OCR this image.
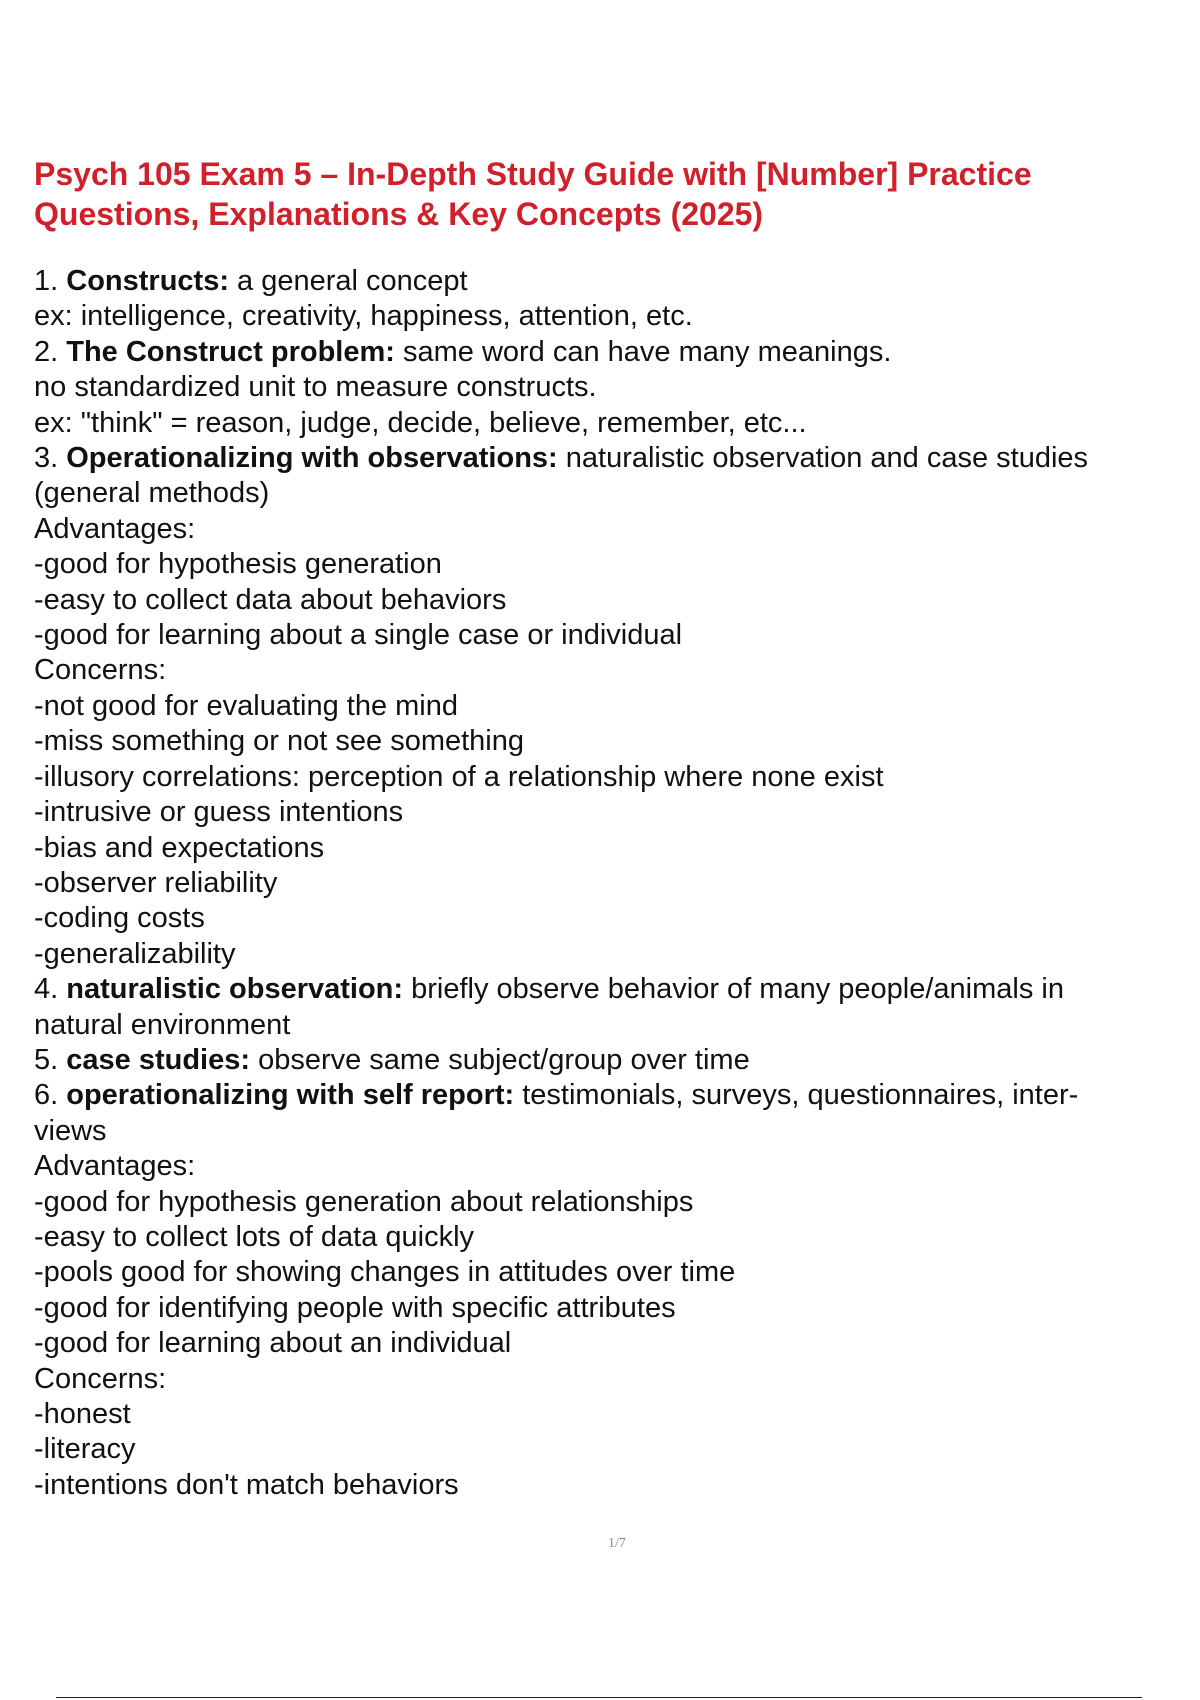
Psych 105 Exam 5 – In-Depth Study Guide with [Number] Practice Questions, Explanations & Key Concepts (2025)
1. Constructs: a general concept
ex: intelligence, creativity, happiness, attention, etc.
2. The Construct problem: same word can have many meanings.
no standardized unit to measure constructs.
ex: "think" = reason, judge, decide, believe, remember, etc...
3. Operationalizing with observations: naturalistic observation and case studies
(general methods)
Advantages:
-good for hypothesis generation
-easy to collect data about behaviors
-good for learning about a single case or individual
Concerns:
-not good for evaluating the mind
-miss something or not see something
-illusory correlations: perception of a relationship where none exist
-intrusive or guess intentions
-bias and expectations
-observer reliability
-coding costs
-generalizability
4. naturalistic observation: briefly observe behavior of many people/animals in
natural environment
5. case studies: observe same subject/group over time
6. operationalizing with self report: testimonials, surveys, questionnaires, inter-
views
Advantages:
-good for hypothesis generation about relationships
-easy to collect lots of data quickly
-pools good for showing changes in attitudes over time
-good for identifying people with specific attributes
-good for learning about an individual
Concerns:
-honest
-literacy
-intentions don't match behaviors
1/7
